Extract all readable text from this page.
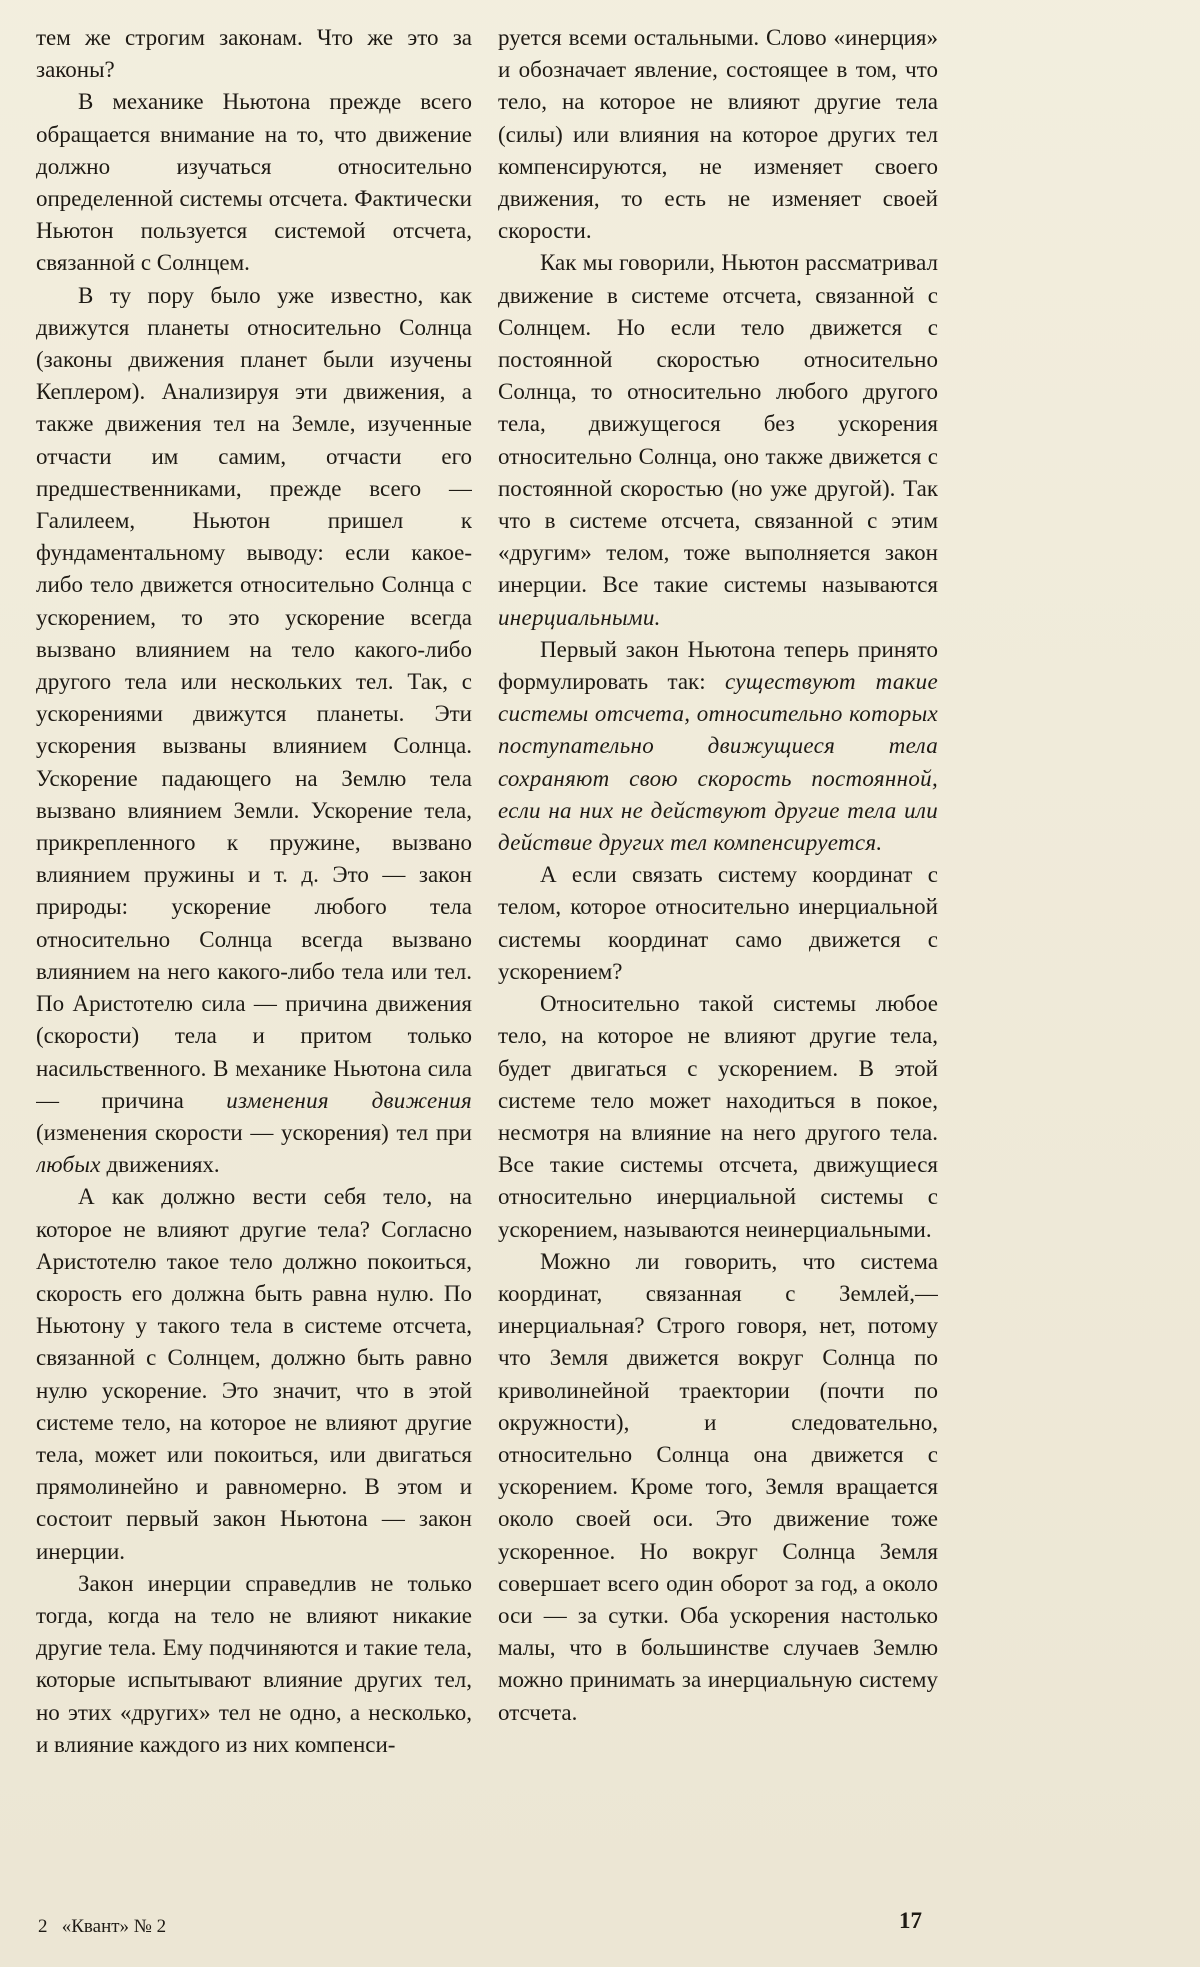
тем же строгим законам. Что же это за законы?

В механике Ньютона прежде всего обращается внимание на то, что движение должно изучаться относительно определенной системы отсчета. Фактически Ньютон пользуется системой отсчета, связанной с Солнцем.

В ту пору было уже известно, как движутся планеты относительно Солнца (законы движения планет были изучены Кеплером). Анализируя эти движения, а также движения тел на Земле, изученные отчасти им самим, отчасти его предшественниками, прежде всего — Галилеем, Ньютон пришел к фундаментальному выводу: если какое-либо тело движется относительно Солнца с ускорением, то это ускорение всегда вызвано влиянием на тело какого-либо другого тела или нескольких тел. Так, с ускорениями движутся планеты. Эти ускорения вызваны влиянием Солнца. Ускорение падающего на Землю тела вызвано влиянием Земли. Ускорение тела, прикрепленного к пружине, вызвано влиянием пружины и т. д. Это — закон природы: ускорение любого тела относительно Солнца всегда вызвано влиянием на него какого-либо тела или тел. По Аристотелю сила — причина движения (скорости) тела и притом только насильственного. В механике Ньютона сила — причина изменения движения (изменения скорости — ускорения) тел при любых движениях.

А как должно вести себя тело, на которое не влияют другие тела? Согласно Аристотелю такое тело должно покоиться, скорость его должна быть равна нулю. По Ньютону у такого тела в системе отсчета, связанной с Солнцем, должно быть равно нулю ускорение. Это значит, что в этой системе тело, на которое не влияют другие тела, может или покоиться, или двигаться прямолинейно и равномерно. В этом и состоит первый закон Ньютона — закон инерции.

Закон инерции справедлив не только тогда, когда на тело не влияют никакие другие тела. Ему подчиняются и такие тела, которые испытывают влияние других тел, но этих «других» тел не одно, а несколько, и влияние каждого из них компенси-

руется всеми остальными. Слово «инерция» и обозначает явление, состоящее в том, что тело, на которое не влияют другие тела (силы) или влияния на которое других тел компенсируются, не изменяет своего движения, то есть не изменяет своей скорости.

Как мы говорили, Ньютон рассматривал движение в системе отсчета, связанной с Солнцем. Но если тело движется с постоянной скоростью относительно Солнца, то относительно любого другого тела, движущегося без ускорения относительно Солнца, оно также движется с постоянной скоростью (но уже другой). Так что в системе отсчета, связанной с этим «другим» телом, тоже выполняется закон инерции. Все такие системы называются инерциальными.

Первый закон Ньютона теперь принято формулировать так: существуют такие системы отсчета, относительно которых поступательно движущиеся тела сохраняют свою скорость постоянной, если на них не действуют другие тела или действие других тел компенсируется.

А если связать систему координат с телом, которое относительно инерциальной системы координат само движется с ускорением?

Относительно такой системы любое тело, на которое не влияют другие тела, будет двигаться с ускорением. В этой системе тело может находиться в покое, несмотря на влияние на него другого тела. Все такие системы отсчета, движущиеся относительно инерциальной системы с ускорением, называются неинерциальными.

Можно ли говорить, что система координат, связанная с Землей,— инерциальная? Строго говоря, нет, потому что Земля движется вокруг Солнца по криволинейной траектории (почти по окружности), и следовательно, относительно Солнца она движется с ускорением. Кроме того, Земля вращается около своей оси. Это движение тоже ускоренное. Но вокруг Солнца Земля совершает всего один оборот за год, а около оси — за сутки. Оба ускорения настолько малы, что в большинстве случаев Землю можно принимать за инерциальную систему отсчета.

2   «Квант» № 2	17
